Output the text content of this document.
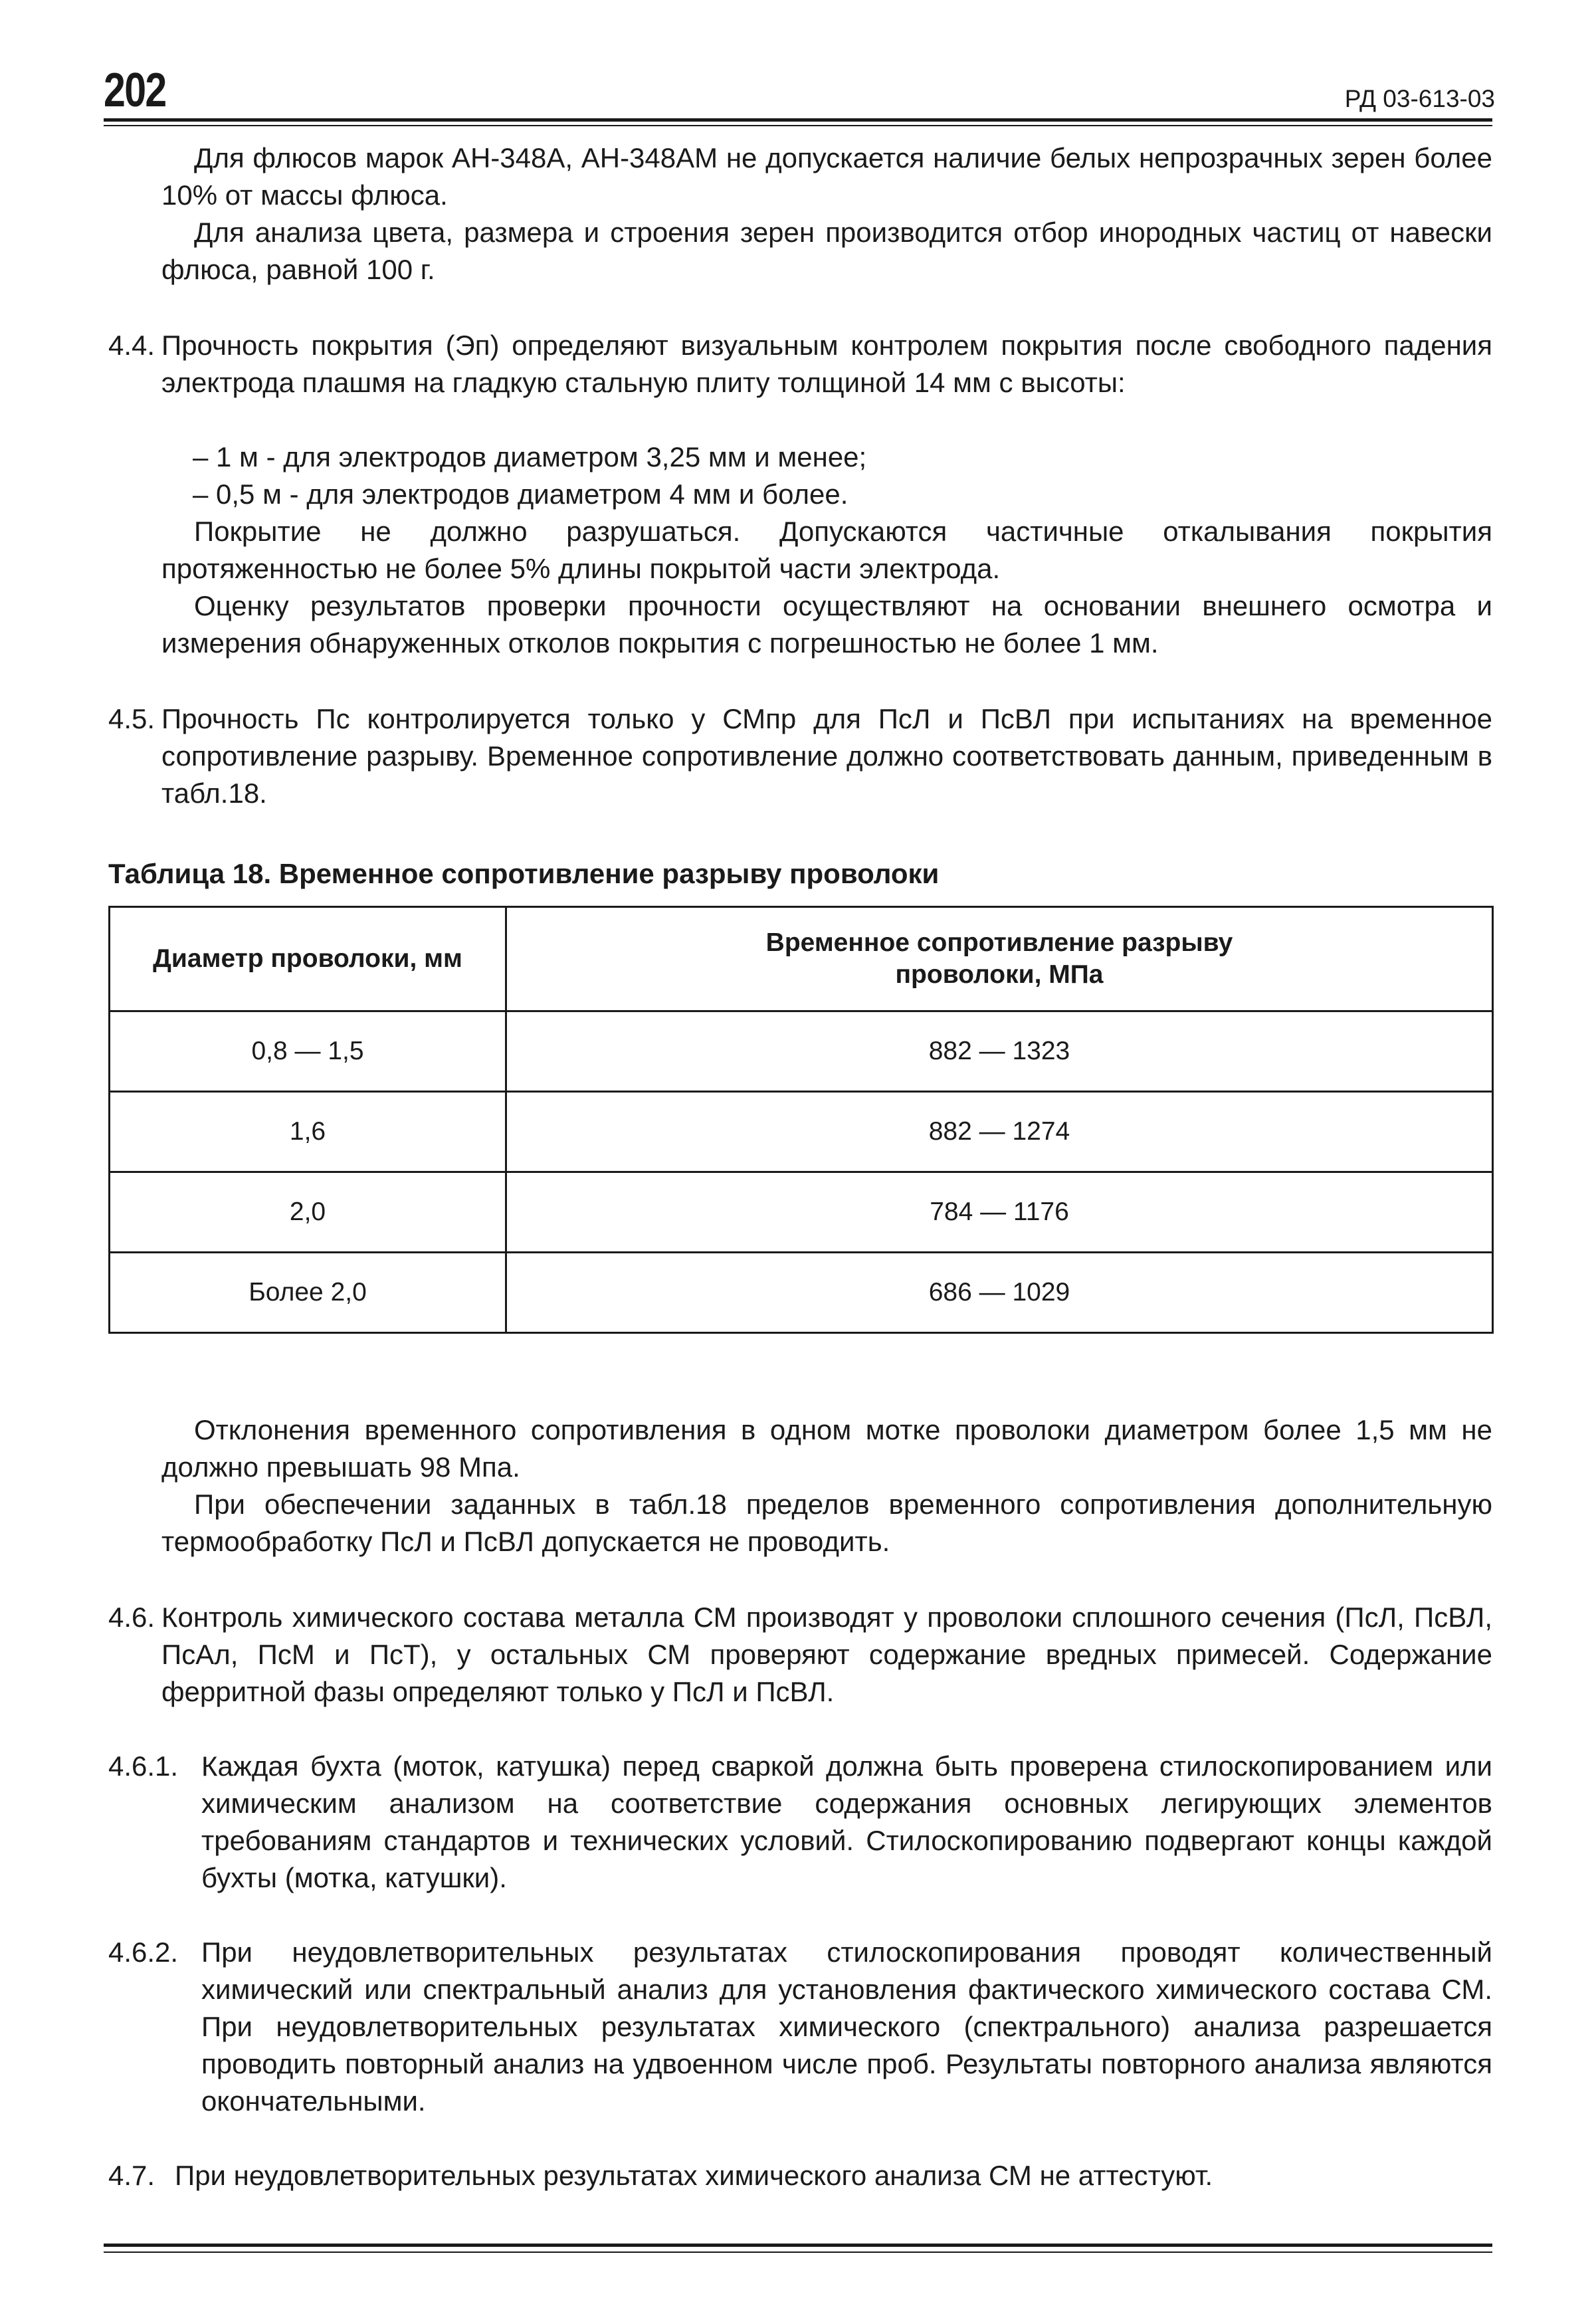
202	РД 03-613-03
Для флюсов марок АН-348А, АН-348АМ не допускается наличие белых непрозрачных зерен более 10% от массы флюса.
Для анализа цвета, размера и строения зерен производится отбор инородных частиц от навески флюса, равной 100 г.
4.4. Прочность покрытия (Эп) определяют визуальным контролем покрытия после свободного падения электрода плашмя на гладкую стальную плиту толщиной 14 мм с высоты:
– 1 м - для электродов диаметром 3,25 мм и менее;
– 0,5 м - для электродов диаметром 4 мм и более.
Покрытие не должно разрушаться. Допускаются частичные откалывания покрытия протяженностью не более 5% длины покрытой части электрода.
Оценку результатов проверки прочности осуществляют на основании внешнего осмотра и измерения обнаруженных отколов покрытия с погрешностью не более 1 мм.
4.5. Прочность Пс контролируется только у СМпр для ПсЛ и ПсВЛ при испытаниях на временное сопротивление разрыву. Временное сопротивление должно соответствовать данным, приведенным в табл.18.
Таблица 18. Временное сопротивление разрыву проволоки
Диаметр проволоки, мм	Временное сопротивление разрыву проволоки, МПа

0,8 — 1,5	882 — 1323
1,6	882 — 1274
2,0	784 — 1176
Более 2,0	686 — 1029
Отклонения временного сопротивления в одном мотке проволоки диаметром более 1,5 мм не должно превышать 98 Мпа.
При обеспечении заданных в табл.18 пределов временного сопротивления дополнительную термообработку ПсЛ и ПсВЛ допускается не проводить.
4.6. Контроль химического состава металла СМ производят у проволоки сплошного сечения (ПсЛ, ПсВЛ, ПсАл, ПсМ и ПсТ), у остальных СМ проверяют содержание вредных примесей. Содержание ферритной фазы определяют только у ПсЛ и ПсВЛ.
4.6.1. Каждая бухта (моток, катушка) перед сваркой должна быть проверена стилоскопированием или химическим анализом на соответствие содержания основных легирующих элементов требованиям стандартов и технических условий. Стилоскопированию подвергают концы каждой бухты (мотка, катушки).
4.6.2. При неудовлетворительных результатах стилоскопирования проводят количественный химический или спектральный анализ для установления фактического химического состава СМ. При неудовлетворительных результатах химического (спектрального) анализа разрешается проводить повторный анализ на удвоенном числе проб. Результаты повторного анализа являются окончательными.
4.7. При неудовлетворительных результатах химического анализа СМ не аттестуют.
